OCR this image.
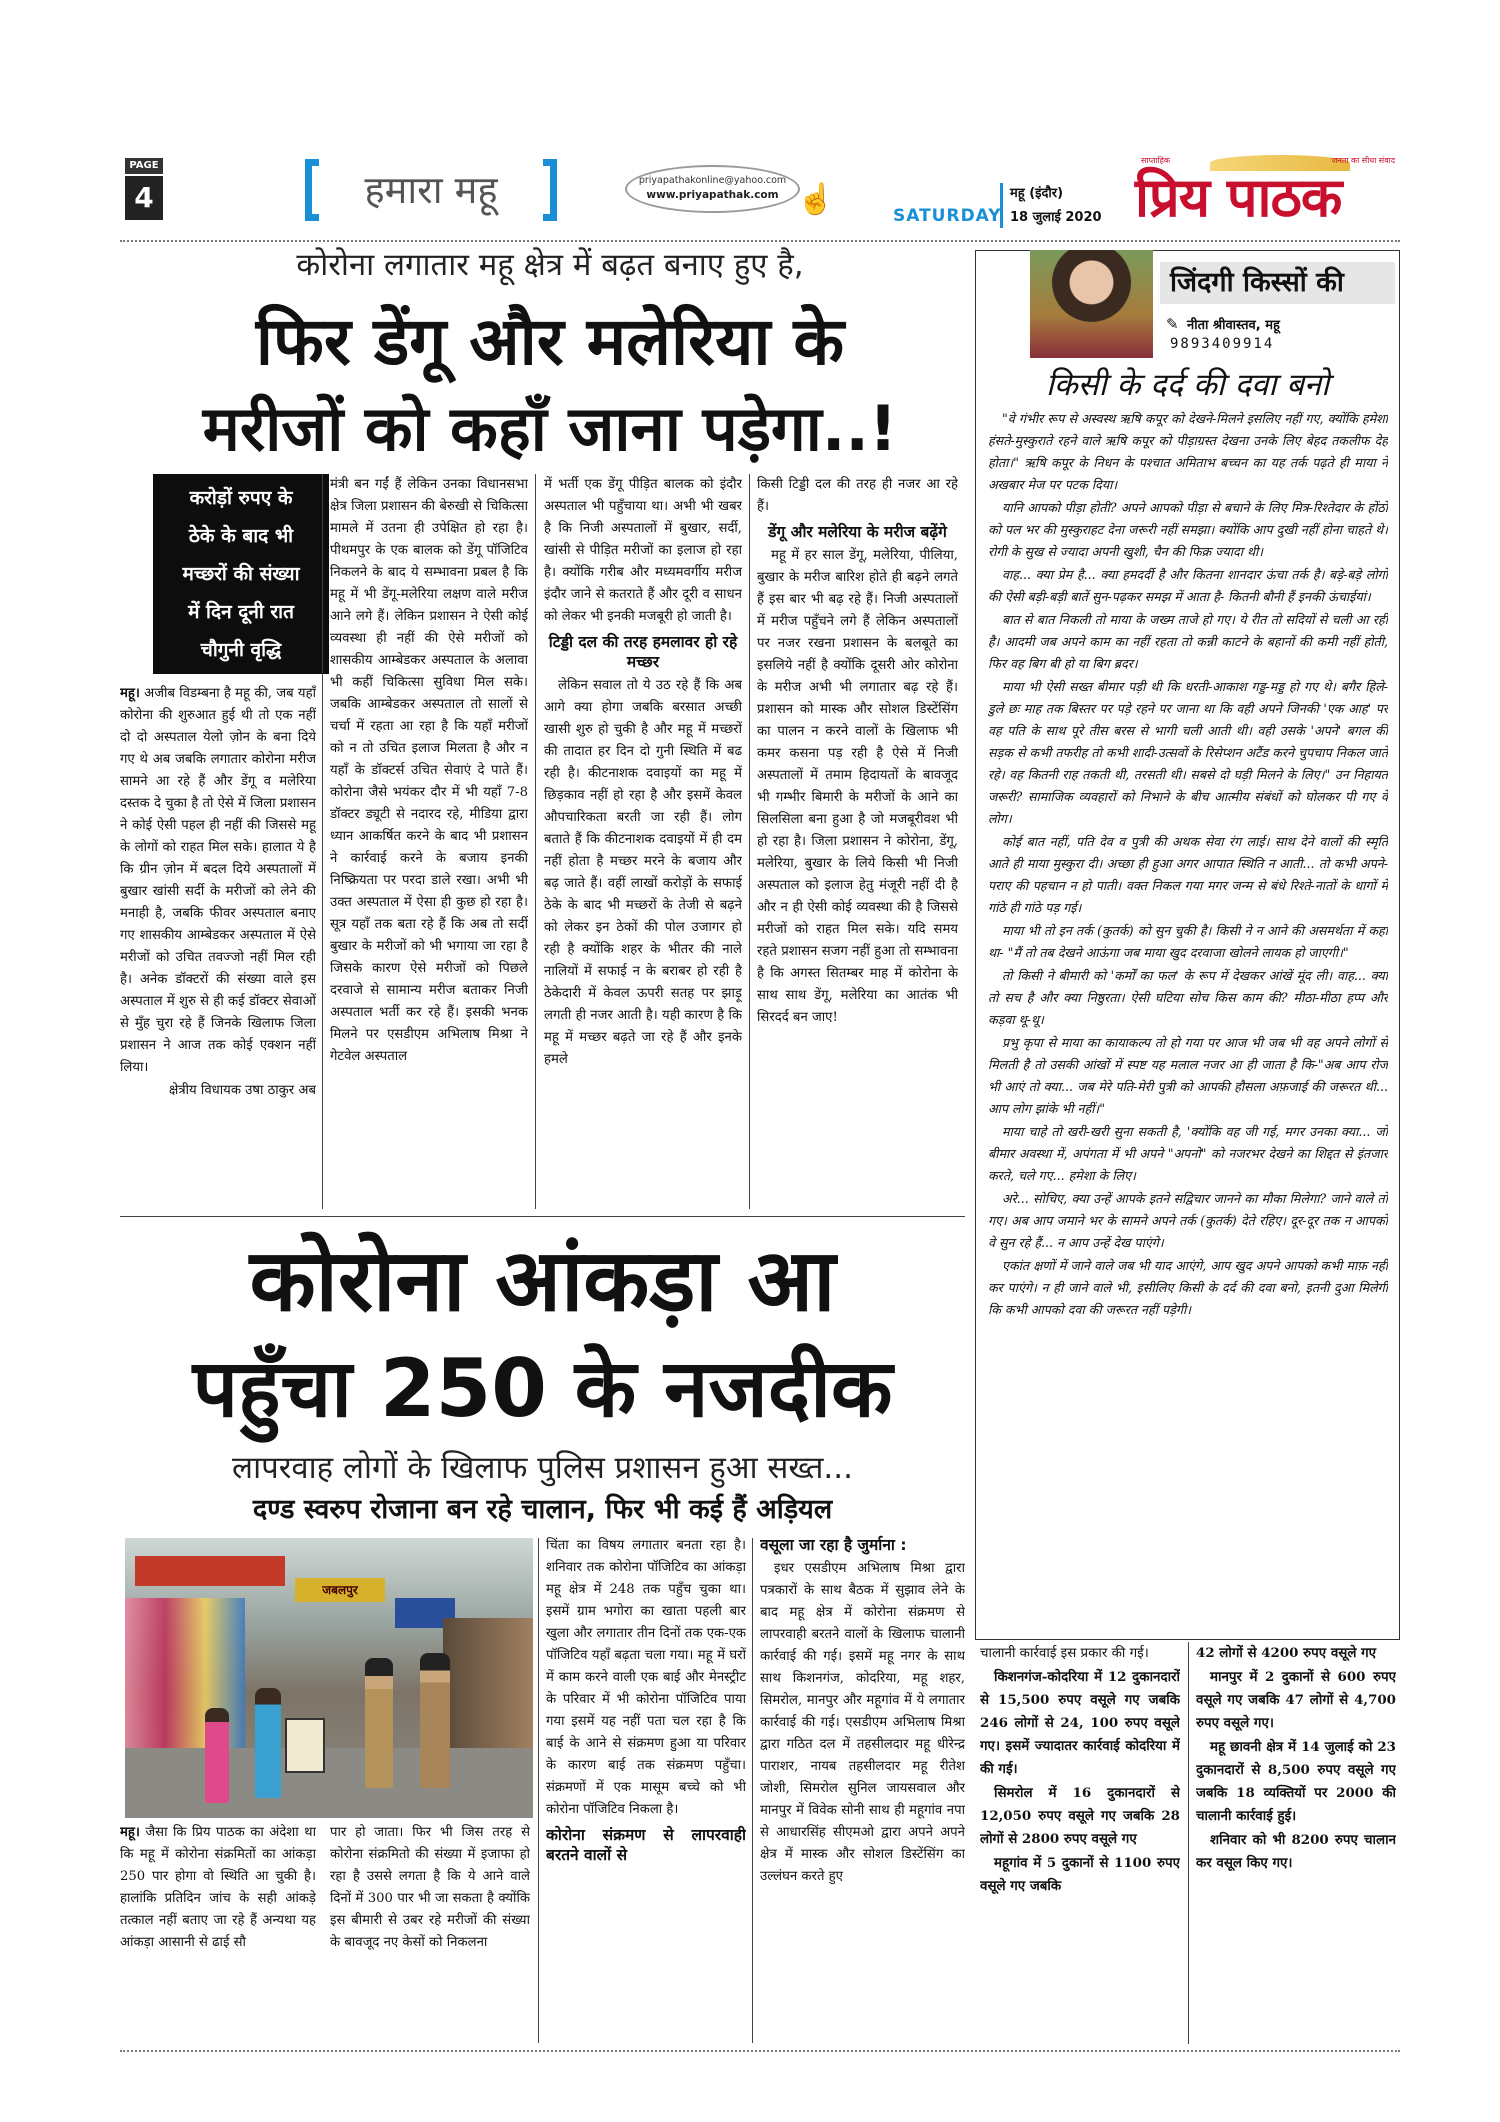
PAGE
4	हमारा महू	priyapathakonline@yahoo.com
www.priyapathak.com ☝	SATURDAY
महू (इंदौर)
18 जुलाई 2020
साप्ताहिक	जनता का सीधा संवाद
प्रिय पाठक
कोरोना लगातार महू क्षेत्र में बढ़त बनाए हुए है,
फिर डेंगू और मलेरिया के
मरीजों को कहाँ जाना पड़ेगा..!
करोड़ों रुपए के
ठेके के बाद भी
मच्छरों की संख्या
में दिन दूनी रात
चौगुनी वृद्धि

महू। अजीब विडम्बना है महू की, जब यहाँ कोरोना की शुरुआत हुई थी तो एक नहीं दो दो अस्पताल येलो ज़ोन के बना दिये गए थे अब जबकि लगातार कोरोना मरीज सामने आ रहे हैं और डेंगू व मलेरिया दस्तक दे चुका है तो ऐसे में जिला प्रशासन ने कोई ऐसी पहल ही नहीं की जिससे महू के लोगों को राहत मिल सके। हालात ये है कि ग्रीन ज़ोन में बदल दिये अस्पतालों में बुखार खांसी सर्दी के मरीजों को लेने की मनाही है, जबकि फीवर अस्पताल बनाए गए शासकीय आम्बेडकर अस्पताल में ऐसे मरीजों को उचित तवज्जो नहीं मिल रही है। अनेक डॉक्टरों की संख्या वाले इस अस्पताल में शुरु से ही कई डॉक्टर सेवाओं से मुँह चुरा रहे हैं जिनके खिलाफ जिला प्रशासन ने आज तक कोई एक्शन नहीं लिया।

क्षेत्रीय विधायक उषा ठाकुर अब

मंत्री बन गईं हैं लेकिन उनका विधानसभा क्षेत्र जिला प्रशासन की बेरुखी से चिकित्सा मामले में उतना ही उपेक्षित हो रहा है। पीथमपुर के एक बालक को डेंगू पॉजिटिव निकलने के बाद ये सम्भावना प्रबल है कि महू में भी डेंगू-मलेरिया लक्षण वाले मरीज आने लगे हैं। लेकिन प्रशासन ने ऐसी कोई व्यवस्था ही नहीं की ऐसे मरीजों को शासकीय आम्बेडकर अस्पताल के अलावा भी कहीं चिकित्सा सुविधा मिल सके। जबकि आम्बेडकर अस्पताल तो सालों से चर्चा में रहता आ रहा है कि यहाँ मरीजों को न तो उचित इलाज मिलता है और न यहाँ के डॉक्टर्स उचित सेवाएं दे पाते हैं। कोरोना जैसे भयंकर दौर में भी यहाँ 7-8 डॉक्टर ड्यूटी से नदारद रहे, मीडिया द्वारा ध्यान आकर्षित करने के बाद भी प्रशासन ने कार्रवाई करने के बजाय इनकी निष्क्रियता पर परदा डाले रखा। अभी भी उक्त अस्पताल में ऐसा ही कुछ हो रहा है। सूत्र यहाँ तक बता रहे हैं कि अब तो सर्दी बुखार के मरीजों को भी भगाया जा रहा है जिसके कारण ऐसे मरीजों को पिछले दरवाजे से सामान्य मरीज बताकर निजी अस्पताल भर्ती कर रहे हैं। इसकी भनक मिलने पर एसडीएम अभिलाष मिश्रा ने गेटवेल अस्पताल

में भर्ती एक डेंगू पीड़ित बालक को इंदौर अस्पताल भी पहुँचाया था। अभी भी खबर है कि निजी अस्पतालों में बुखार, सर्दी, खांसी से पीड़ित मरीजों का इलाज हो रहा है। क्योंकि गरीब और मध्यमवर्गीय मरीज इंदौर जाने से कतराते हैं और दूरी व साधन को लेकर भी इनकी मजबूरी हो जाती है।

टिड्डी दल की तरह हमलावर हो रहे मच्छर

लेकिन सवाल तो ये उठ रहे हैं कि अब आगे क्या होगा जबकि बरसात अच्छी खासी शुरु हो चुकी है और महू में मच्छरों की तादात हर दिन दो गुनी स्थिति में बढ रही है। कीटनाशक दवाइयों का महू में छिड़काव नहीं हो रहा है और इसमें केवल औपचारिकता बरती जा रही हैं। लोग बताते हैं कि कीटनाशक दवाइयों में ही दम नहीं होता है मच्छर मरने के बजाय और बढ़ जाते हैं। वहीं लाखों करोड़ों के सफाई ठेके के बाद भी मच्छरों के तेजी से बढ़ने को लेकर इन ठेकों की पोल उजागर हो रही है क्योंकि शहर के भीतर की नाले नालियों में सफाई न के बराबर हो रही है ठेकेदारी में केवल ऊपरी सतह पर झाड़ू लगती ही नजर आती है। यही कारण है कि महू में मच्छर बढ़ते जा रहे हैं और इनके हमले

किसी टिड्डी दल की तरह ही नजर आ रहे हैं।

डेंगू और मलेरिया के मरीज बढ़ेंगे

महू में हर साल डेंगू, मलेरिया, पीलिया, बुखार के मरीज बारिश होते ही बढ़ने लगते हैं इस बार भी बढ़ रहे हैं। निजी अस्पतालों में मरीज पहुँचने लगे हैं लेकिन अस्पतालों पर नजर रखना प्रशासन के बलबूते का इसलिये नहीं है क्योंकि दूसरी ओर कोरोना के मरीज अभी भी लगातार बढ़ रहे हैं। प्रशासन को मास्क और सोशल डिस्टेंसिंग का पालन न करने वालों के खिलाफ भी कमर कसना पड़ रही है ऐसे में निजी अस्पतालों में तमाम हिदायतों के बावजूद भी गम्भीर बिमारी के मरीजों के आने का सिलसिला बना हुआ है जो मजबूरीवश भी हो रहा है। जिला प्रशासन ने कोरोना, डेंगू, मलेरिया, बुखार के लिये किसी भी निजी अस्पताल को इलाज हेतु मंजूरी नहीं दी है और न ही ऐसी कोई व्यवस्था की है जिससे मरीजों को राहत मिल सके। यदि समय रहते प्रशासन सजग नहीं हुआ तो सम्भावना है कि अगस्त सितम्बर माह में कोरोना के साथ साथ डेंगू, मलेरिया का आतंक भी सिरदर्द बन जाए!

जिंदगी किस्सों की
✎ नीता श्रीवास्तव, महू
9893409914
किसी के दर्द की दवा बनो

"वे गंभीर रूप से अस्वस्थ ऋषि कपूर को देखने-मिलने इसलिए नहीं गए, क्योंकि हमेशा हंसते-मुस्कुराते रहने वाले ऋषि कपूर को पीड़ाग्रस्त देखना उनके लिए बेहद तकलीफ देह होता।" ऋषि कपूर के निधन के पश्चात अमिताभ बच्चन का यह तर्क पढ़ते ही माया ने अखबार मेज पर पटक दिया।

यानि आपको पीड़ा होती? अपने आपको पीड़ा से बचाने के लिए मित्र-रिश्तेदार के होंठों को पल भर की मुस्कुराहट देना जरूरी नहीं समझा। क्योंकि आप दुखी नहीं होना चाहते थे। रोगी के सुख से ज्यादा अपनी खुशी, चैन की फिक्र ज्यादा थी।

वाह... क्या प्रेम है... क्या हमदर्दी है और कितना शानदार ऊंचा तर्क है। बड़े-बड़े लोगों की ऐसी बड़ी-बड़ी बातें सुन-पढ़कर समझ में आता है- कितनी बौनी हैं इनकी ऊंचाईयां।

बात से बात निकली तो माया के जख्म ताजे हो गए। ये रीत तो सदियों से चली आ रही है। आदमी जब अपने काम का नहीं रहता तो कन्नी काटने के बहानों की कमी नहीं होती, फिर वह बिग बी हो या बिग ब्रदर।

माया भी ऐसी सख्त बीमार पड़ी थी कि धरती-आकाश गड्ड-मड्ड हो गए थे। बगैर हिले-डुले छः माह तक बिस्तर पर पड़े रहने पर जाना था कि वही अपने जिनकी 'एक आह' पर वह पति के साथ पूरे तीस बरस से भागी चली आती थी। वही उसके 'अपने' बगल की सड़क से कभी तफरीह तो कभी शादी-उत्सवों के रिसेप्शन अटैंड करने चुपचाप निकल जाते रहे। वह कितनी राह तकती थी, तरसती थी। सबसे दो घड़ी मिलने के लिए।" उन निहायत जरूरी? सामाजिक व्यवहारों को निभाने के बीच आत्मीय संबंधों को घोलकर पी गए वे लोग।

कोई बात नहीं, पति देव व पुत्री की अथक सेवा रंग लाई। साथ देने वालों की स्मृति आते ही माया मुस्कुरा दी। अच्छा ही हुआ अगर आपात स्थिति न आती... तो कभी अपने-पराए की पहचान न हो पाती। वक्त निकल गया मगर जन्म से बंधे रिश्ते-नातों के धागों में गांठे ही गांठे पड़ गई।

माया भी तो इन तर्क (कुतर्क) को सुन चुकी है। किसी ने न आने की असमर्थता में कहा था- "मैं तो तब देखने आऊंगा जब माया खुद दरवाजा खोलने लायक हो जाएगी।"

तो किसी ने बीमारी को 'कर्मों का फल' के रूप में देखकर आंखें मूंद ली। वाह... क्या तो सच है और क्या निष्ठुरता। ऐसी घटिया सोच किस काम की? मीठा-मीठा हप्प और कड़वा थू-थू।

प्रभु कृपा से माया का कायाकल्प तो हो गया पर आज भी जब भी वह अपने लोगों से मिलती है तो उसकी आंखों में स्पष्ट यह मलाल नजर आ ही जाता है कि-"अब आप रोज भी आएं तो क्या... जब मेरे पति-मेरी पुत्री को आपकी हौसला अफ़जाई की जरूरत थी... आप लोग झांके भी नहीं।"

माया चाहे तो खरी-खरी सुना सकती है, 'क्योंकि वह जी गई, मगर उनका क्या... जो बीमार अवस्था में, अपंगता में भी अपने "अपनो" को नजरभर देखने का शिद्दत से इंतजार करते, चले गए... हमेशा के लिए।

अरे... सोचिए, क्या उन्हें आपके इतने सद्विचार जानने का मौका मिलेगा? जाने वाले तो गए। अब आप जमाने भर के सामने अपने तर्क (कुतर्क) देते रहिए। दूर-दूर तक न आपको वे सुन रहे हैं... न आप उन्हें देख पाएंगे।

एकांत क्षणों में जाने वाले जब भी याद आएंगे, आप खुद अपने आपको कभी माफ़ नहीं कर पाएंगे। न ही जाने वाले भी, इसीलिए किसी के दर्द की दवा बनो, इतनी दुआ मिलेगी कि कभी आपको दवा की जरूरत नहीं पड़ेगी।

कोरोना आंकड़ा आ
पहुँचा 250 के नजदीक
लापरवाह लोगों के खिलाफ पुलिस प्रशासन हुआ सख्त...
दण्ड स्वरुप रोजाना बन रहे चालान, फिर भी कई हैं अड़ियल
जबलपुर

महू। जैसा कि प्रिय पाठक का अंदेशा था कि महू में कोरोना संक्रमितों का आंकड़ा 250 पार होगा वो स्थिति आ चुकी है। हालांकि प्रतिदिन जांच के सही आंकड़े तत्काल नहीं बताए जा रहे हैं अन्यथा यह आंकड़ा आसानी से ढाई सौ

पार हो जाता। फिर भी जिस तरह से कोरोना संक्रमितो की संख्या में इजाफा हो रहा है उससे लगता है कि ये आने वाले दिनों में 300 पार भी जा सकता है क्योंकि इस बीमारी से उबर रहे मरीजों की संख्या के बावजूद नए केसों को निकलना

चिंता का विषय लगातार बनता रहा है। शनिवार तक कोरोना पॉजिटिव का आंकड़ा महू क्षेत्र में 248 तक पहुँच चुका था। इसमें ग्राम भगोरा का खाता पहली बार खुला और लगातार तीन दिनों तक एक-एक पॉजिटिव यहाँ बढ़ता चला गया। महू में घरों में काम करने वाली एक बाई और मेनस्ट्रीट के परिवार में भी कोरोना पॉजिटिव पाया गया इसमें यह नहीं पता चल रहा है कि बाई के आने से संक्रमण हुआ या परिवार के कारण बाई तक संक्रमण पहुँचा। संक्रमणों में एक मासूम बच्चे को भी कोरोना पॉजिटिव निकला है।

कोरोना संक्रमण से लापरवाही बरतने वालों से
वसूला जा रहा है जुर्माना :

इधर एसडीएम अभिलाष मिश्रा द्वारा पत्रकारों के साथ बैठक में सुझाव लेने के बाद महू क्षेत्र में कोरोना संक्रमण से लापरवाही बरतने वालों के खिलाफ चालानी कार्रवाई की गई। इसमें महू नगर के साथ साथ किशनगंज, कोदरिया, महू शहर, सिमरोल, मानपुर और महूगांव में ये लगातार कार्रवाई की गई। एसडीएम अभिलाष मिश्रा द्वारा गठित दल में तहसीलदार महू धीरेन्द्र पाराशर, नायब तहसीलदार महू रीतेश जोशी, सिमरोल सुनिल जायसवाल और मानपुर में विवेक सोनी साथ ही महूगांव नपा से आधारसिंह सीएमओ द्वारा अपने अपने क्षेत्र में मास्क और सोशल डिस्टेंसिंग का उल्लंघन करते हुए

चालानी कार्रवाई इस प्रकार की गई।

किशनगंज-कोदरिया में 12 दुकानदारों से 15,500 रुपए वसूले गए जबकि 246 लोगों से 24, 100 रुपए वसूले गए। इसमें ज्यादातर कार्रवाई कोदरिया में की गई।

सिमरोल में 16 दुकानदारों से 12,050 रुपए वसूले गए जबकि 28 लोगों से 2800 रुपए वसूले गए

महूगांव में 5 दुकानों से 1100 रुपए वसूले गए जबकि

42 लोगों से 4200 रुपए वसूले गए

मानपुर में 2 दुकानों से 600 रुपए वसूले गए जबकि 47 लोगों से 4,700 रुपए वसूले गए।

महू छावनी क्षेत्र में 14 जुलाई को 23 दुकानदारों से 8,500 रुपए वसूले गए जबकि 18 व्यक्तियों पर 2000 की चालानी कार्रवाई हुई।

शनिवार को भी 8200 रुपए चालान कर वसूल किए गए।
